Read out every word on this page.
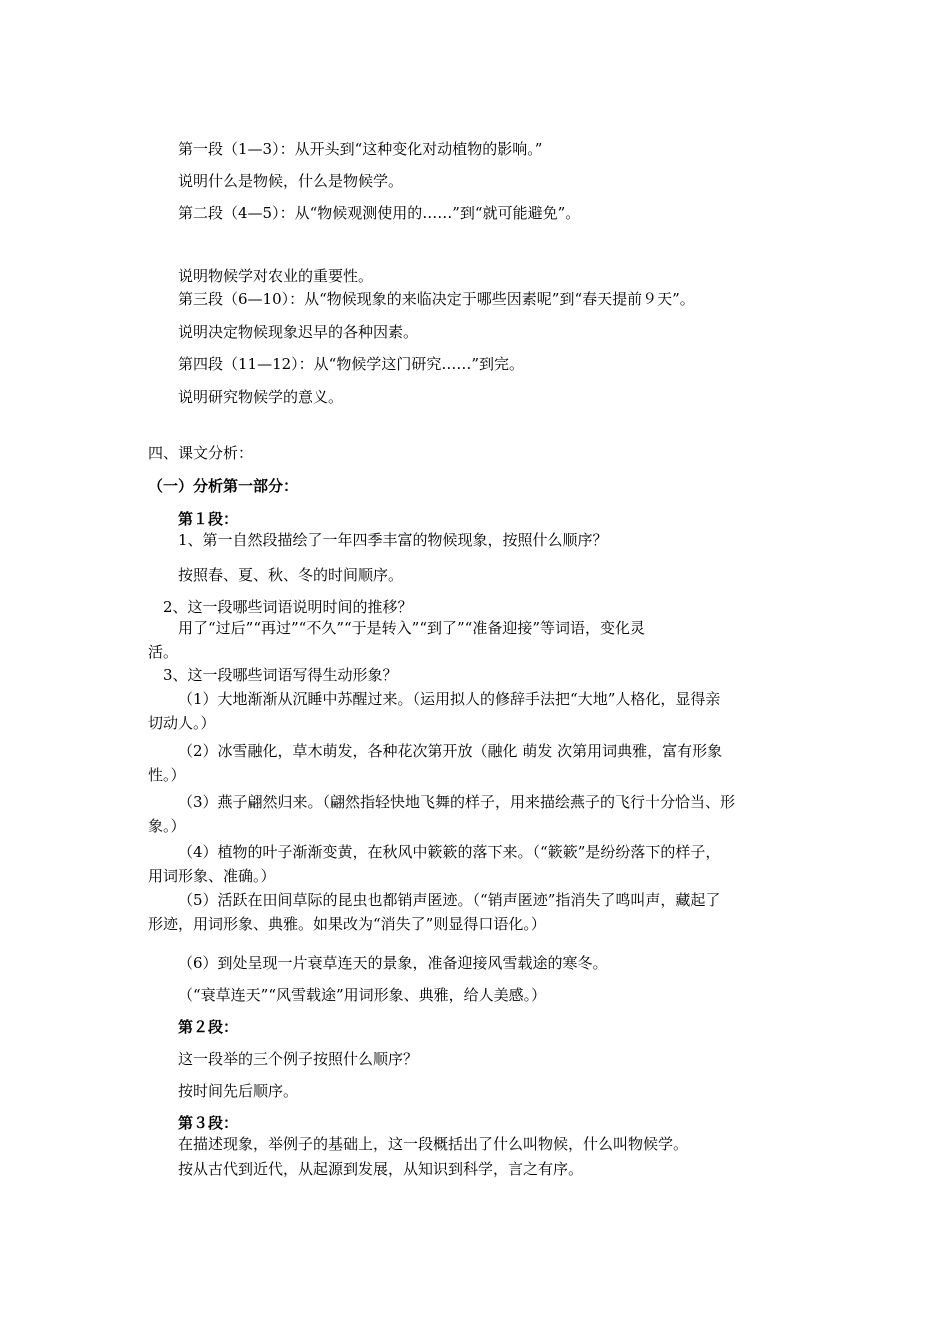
第一段（1—3）：从开头到“这种变化对动植物的影响。”
说明什么是物候，什么是物候学。
第二段（4—5）：从“物候观测使用的……”到“就可能避免”。
说明物候学对农业的重要性。
第三段（6—10）：从“物候现象的来临决定于哪些因素呢”到“春天提前９天”。
说明决定物候现象迟早的各种因素。
第四段（11—12）：从“物候学这门研究……”到完。
说明研究物候学的意义。
四、课文分析：
（一）分析第一部分：
第１段：
1、第一自然段描绘了一年四季丰富的物候现象，按照什么顺序？
按照春、夏、秋、冬的时间顺序。
2、这一段哪些词语说明时间的推移？
用了“过后”“再过”“不久”“于是转入”“到了”“准备迎接”等词语，变化灵
活。
3、这一段哪些词语写得生动形象？
（1）大地渐渐从沉睡中苏醒过来。（运用拟人的修辞手法把“大地”人格化，显得亲
切动人。）
（2）冰雪融化，草木萌发，各种花次第开放（融化 萌发 次第用词典雅，富有形象
性。）
（3）燕子翩然归来。（翩然指轻快地飞舞的样子，用来描绘燕子的飞行十分恰当、形
象。）
（4）植物的叶子渐渐变黄，在秋风中簌簌的落下来。（“簌簌”是纷纷落下的样子，
用词形象、准确。）
（5）活跃在田间草际的昆虫也都销声匿迹。（“销声匿迹”指消失了鸣叫声，藏起了
形迹，用词形象、典雅。如果改为“消失了”则显得口语化。）
（6）到处呈现一片衰草连天的景象，准备迎接风雪载途的寒冬。
（“衰草连天”“风雪载途”用词形象、典雅，给人美感。）
第２段：
这一段举的三个例子按照什么顺序？
按时间先后顺序。
第３段：
在描述现象，举例子的基础上，这一段概括出了什么叫物候，什么叫物候学。
按从古代到近代，从起源到发展，从知识到科学，言之有序。
